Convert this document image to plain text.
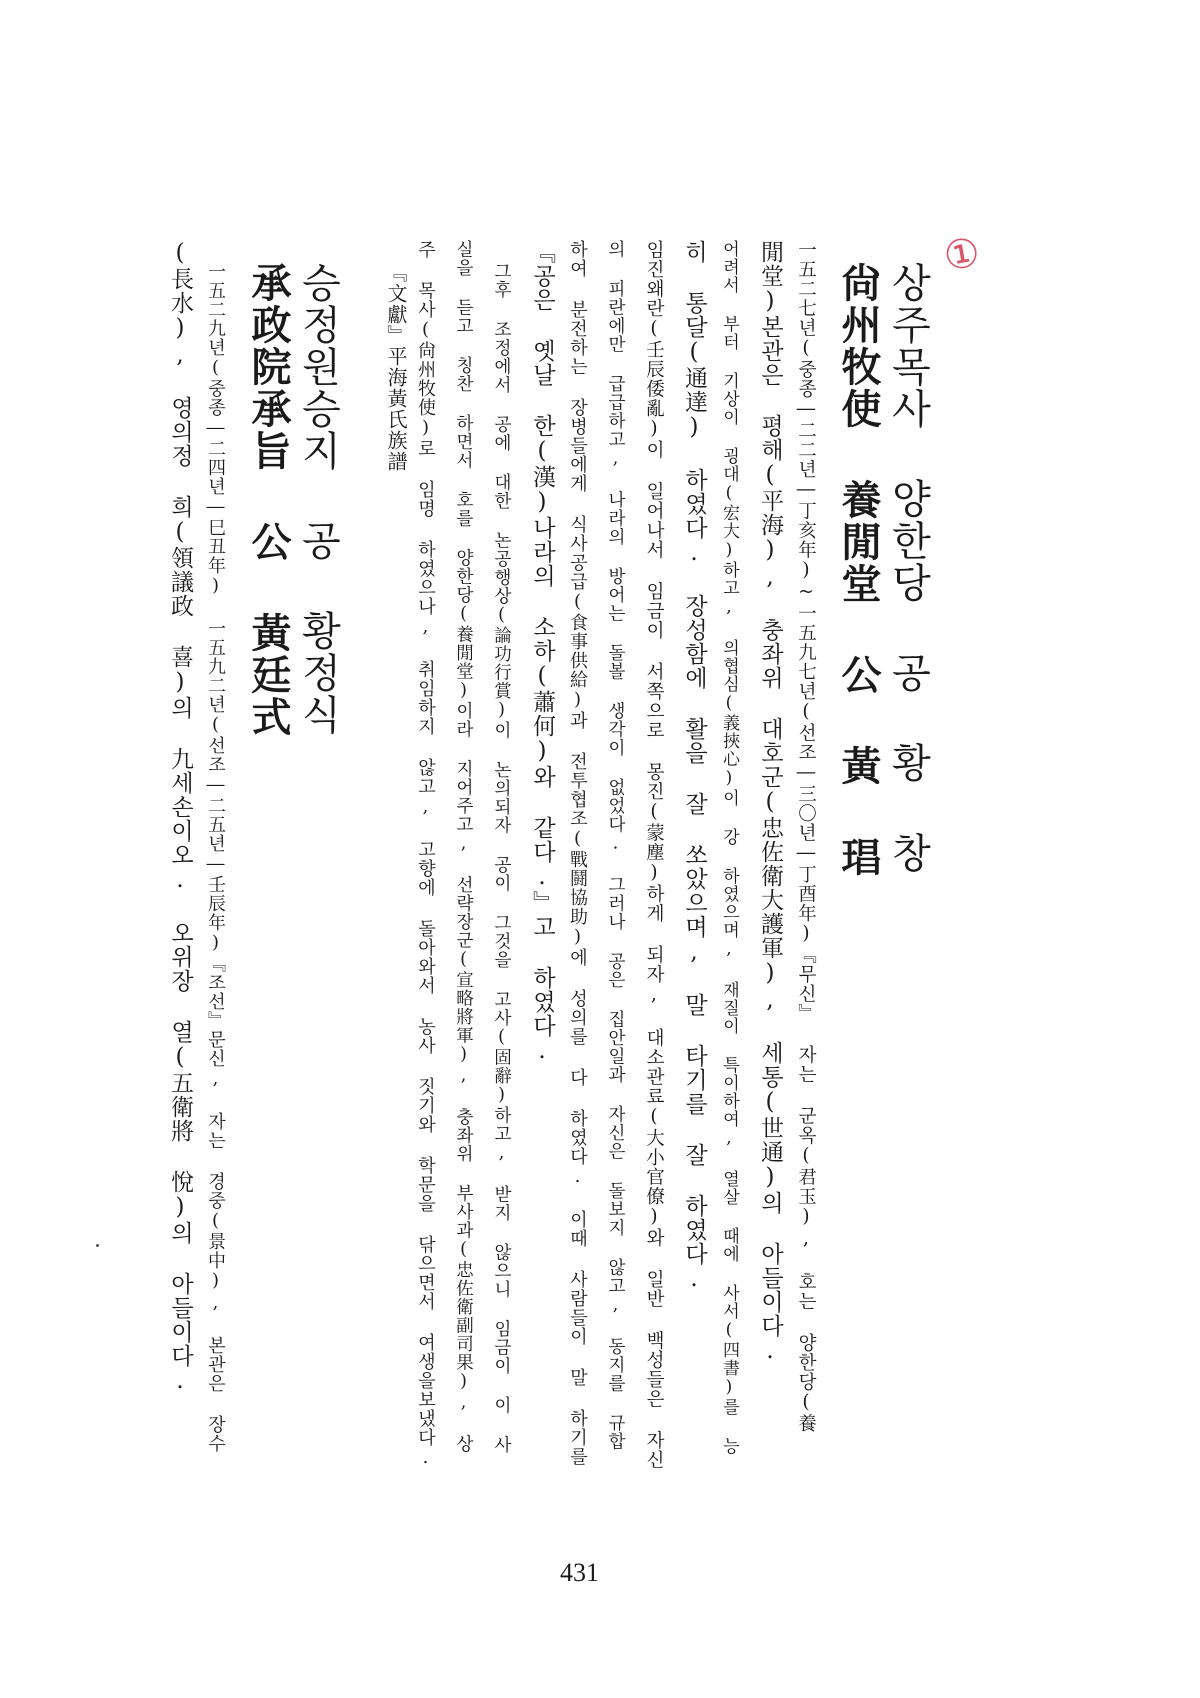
①
상주목사 양한당 공 황 창
尙州牧使 養閒堂 公 黃 琩
一五二七년(중종―二二년―丁亥年)~一五九七년(선조―三〇년―丁酉年)『무신』 자는 군옥(君玉), 호는 양한당(養
閒堂)본관은 평해(平海), 충좌위 대호군(忠佐衛大護軍), 세통(世通)의 아들이다.
어려서 부터 기상이 굉대(宏大)하고, 의협심(義挾心)이 강 하였으며, 재질이 특이하여, 열살 때에 사서(四書)를 능
히 통달(通達) 하였다. 장성함에 활을 잘 쏘았으며, 말 타기를 잘 하였다.
임진왜란(壬辰倭亂)이 일어나서 임금이 서쪽으로 몽진(蒙塵)하게 되자, 대소관료(大小官僚)와 일반 백성들은 자신
의 피란에만 급급하고, 나라의 방어는 돌볼 생각이 없었다. 그러나 공은 집안일과 자신은 돌보지 않고, 동지를 규합
하여 분전하는 장병들에게 식사공급(食事供給)과 전투협조(戰鬪協助)에 성의를 다 하였다. 이때 사람들이 말 하기를
『공은 옛날 한(漢)나라의 소하(蕭何)와 같다.』고 하였다.
그후 조정에서 공에 대한 논공행상(論功行賞)이 논의되자 공이 그것을 고사(固辭)하고, 받지 않으니 임금이 이 사
실을 듣고 칭찬 하면서 호를 양한당(養閒堂)이라 지어주고, 선략장군(宣略將軍), 충좌위 부사과(忠佐衛副司果), 상
주 목사(尙州牧使)로 임명 하였으나, 취임하지 않고, 고향에 돌아와서 농사 짓기와 학문을 닦으면서 여생을보냈다.
『文獻』平海黃氏族譜
승정원승지 공 황정식
承政院承旨 公 黃廷式
一五二九년(중종―二四년―巳丑年) 一五九二년(선조―二五년―壬辰年)『조선』문신, 자는 경중(景中), 본관은 장수
(長水), 영의정 희(領議政 喜)의 九세손이오. 오위장 열(五衛將 悅)의 아들이다.
431
